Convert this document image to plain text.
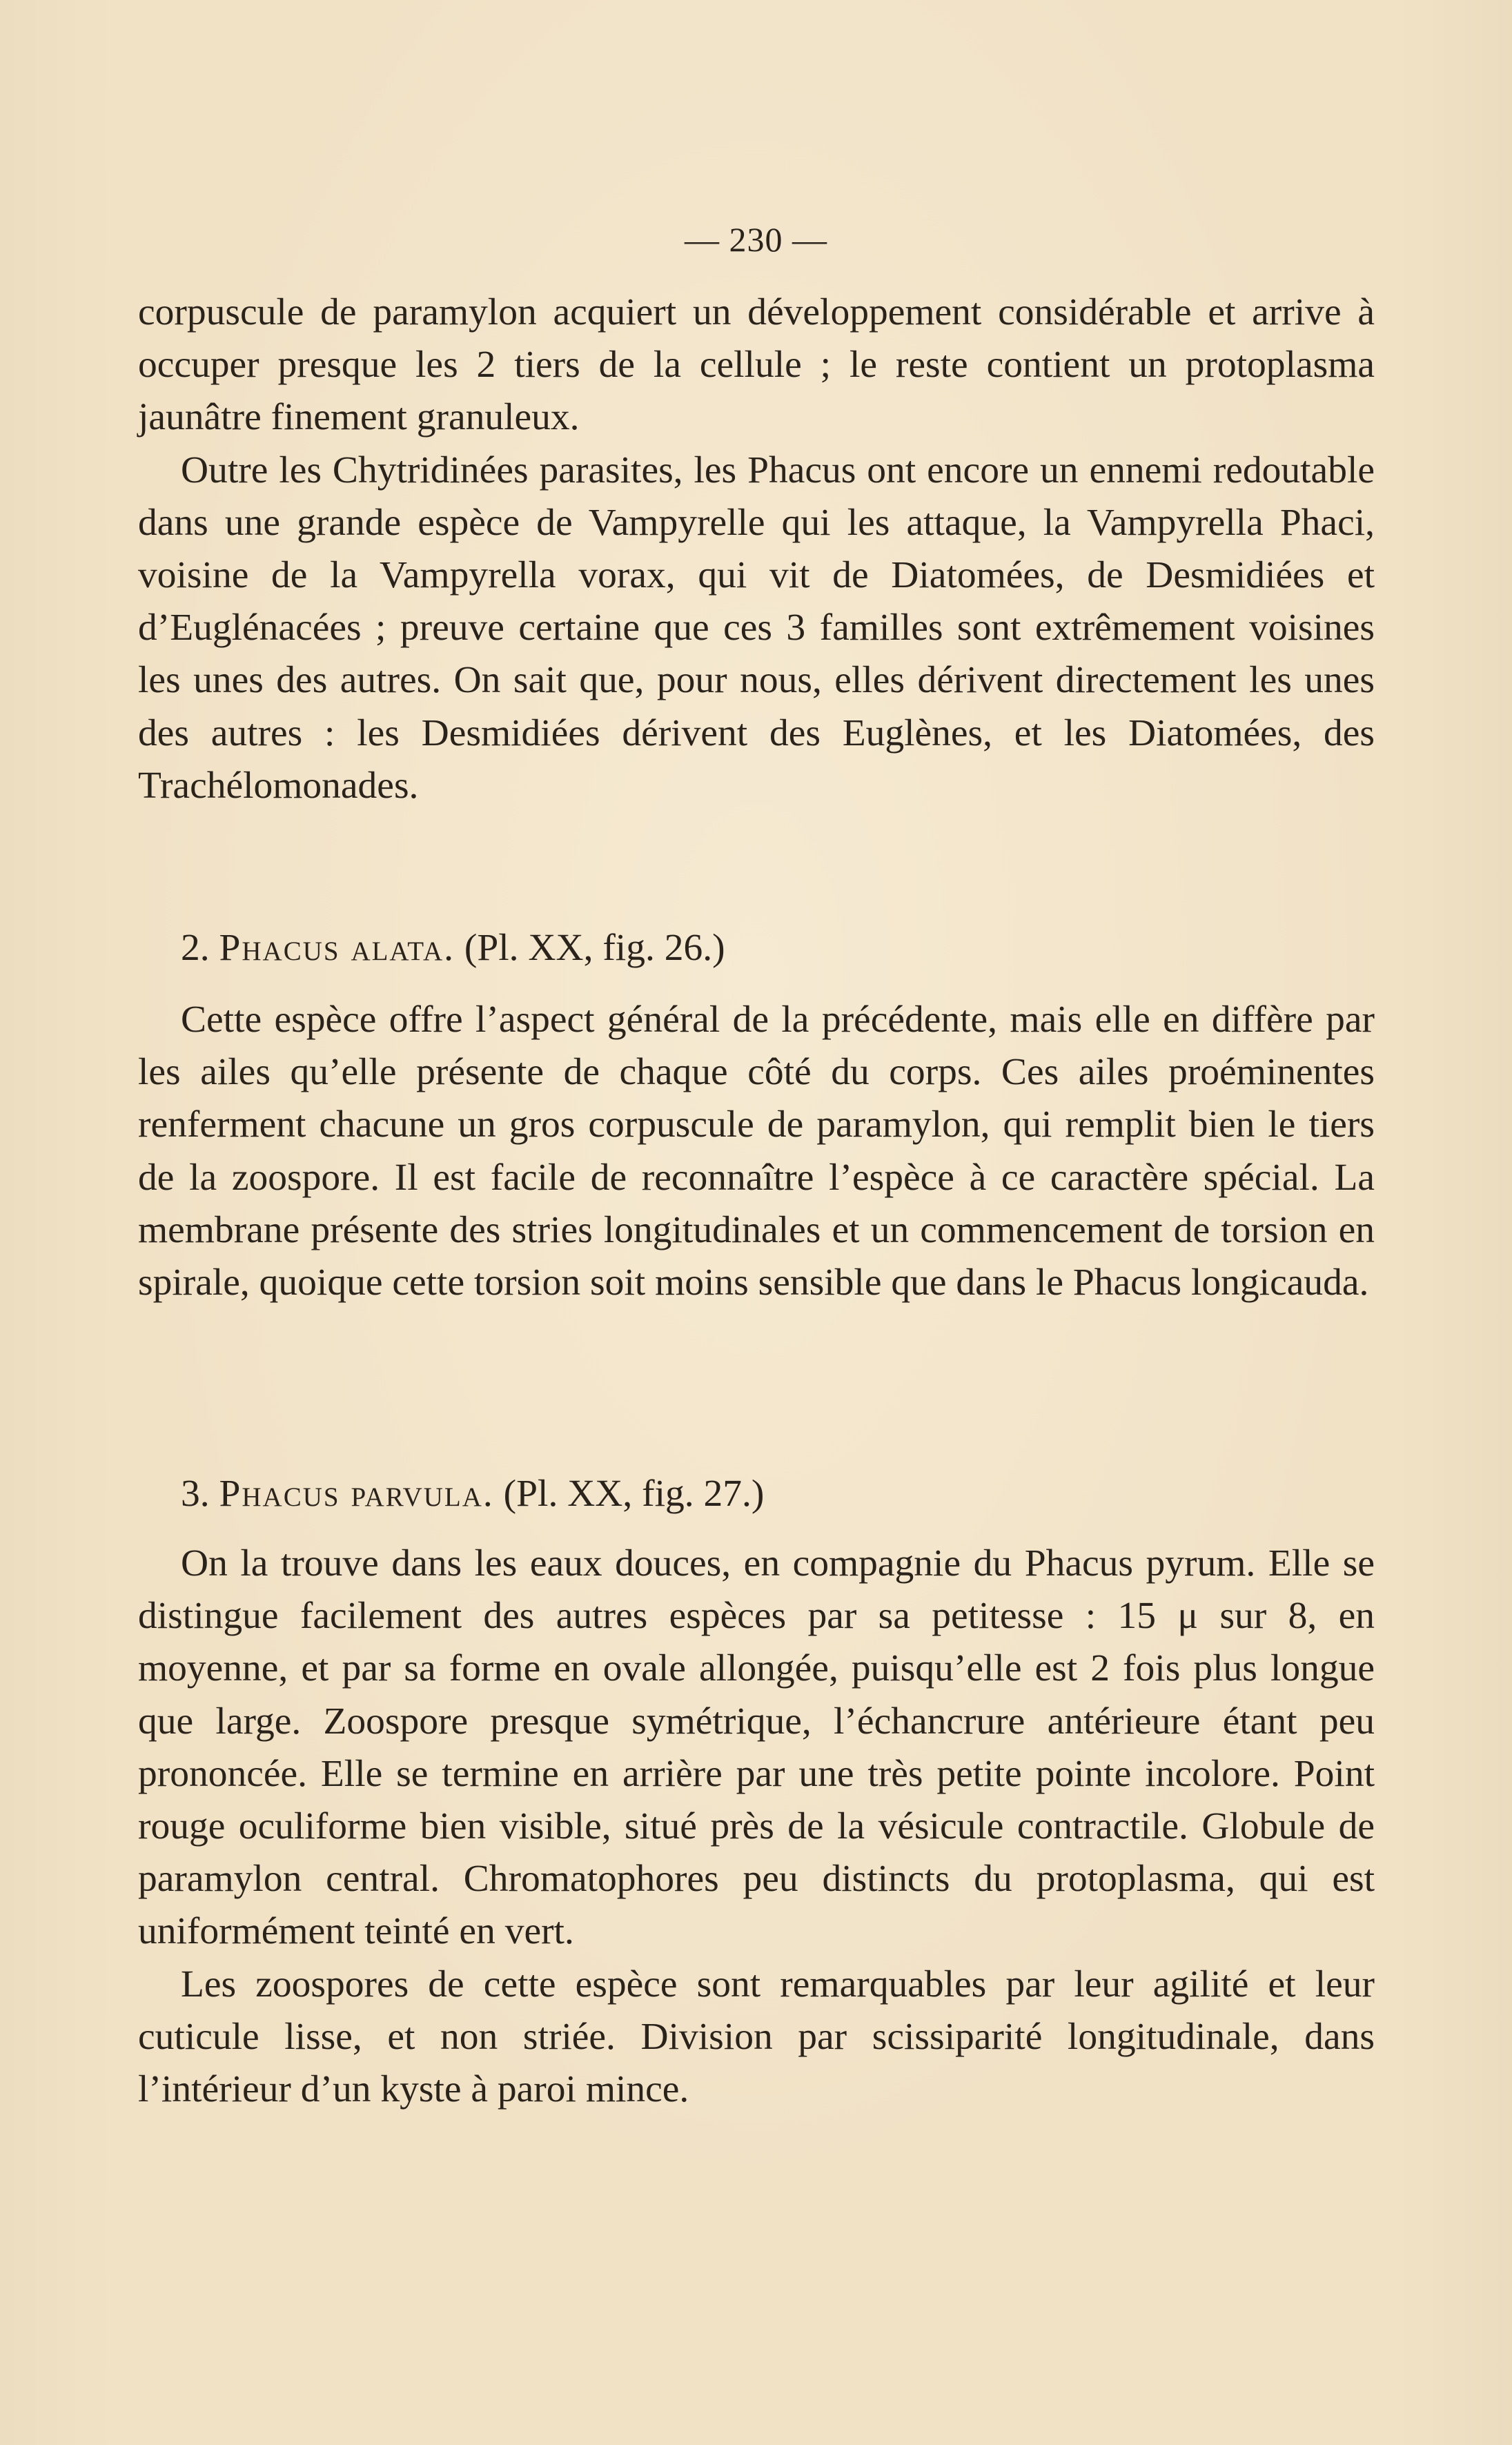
— 230 —

corpuscule de paramylon acquiert un développement considérable et arrive à occuper presque les 2 tiers de la cellule ; le reste contient un protoplasma jaunâtre finement granuleux.

Outre les Chytridinées parasites, les Phacus ont encore un ennemi redoutable dans une grande espèce de Vampyrelle qui les attaque, la Vampyrella Phaci, voisine de la Vampyrella vorax, qui vit de Diatomées, de Desmidiées et d’Euglénacées ; preuve certaine que ces 3 familles sont extrêmement voisines les unes des autres. On sait que, pour nous, elles dérivent directement les unes des autres : les Desmidiées dérivent des Euglènes, et les Diatomées, des Trachélomonades.

2. Phacus alata. (Pl. XX, fig. 26.)

Cette espèce offre l’aspect général de la précédente, mais elle en diffère par les ailes qu’elle présente de chaque côté du corps. Ces ailes proéminentes renferment chacune un gros corpuscule de paramylon, qui remplit bien le tiers de la zoospore. Il est facile de reconnaître l’espèce à ce caractère spécial. La membrane présente des stries longitudinales et un commencement de torsion en spirale, quoique cette torsion soit moins sensible que dans le Phacus longicauda.

3. Phacus parvula. (Pl. XX, fig. 27.)

On la trouve dans les eaux douces, en compagnie du Phacus pyrum. Elle se distingue facilement des autres espèces par sa petitesse : 15 μ sur 8, en moyenne, et par sa forme en ovale allongée, puisqu’elle est 2 fois plus longue que large. Zoospore presque symétrique, l’échancrure antérieure étant peu prononcée. Elle se termine en arrière par une très petite pointe incolore. Point rouge oculiforme bien visible, situé près de la vésicule contractile. Globule de paramylon central. Chromatophores peu distincts du protoplasma, qui est uniformément teinté en vert.

Les zoospores de cette espèce sont remarquables par leur agilité et leur cuticule lisse, et non striée. Division par scissiparité longitudinale, dans l’intérieur d’un kyste à paroi mince.
